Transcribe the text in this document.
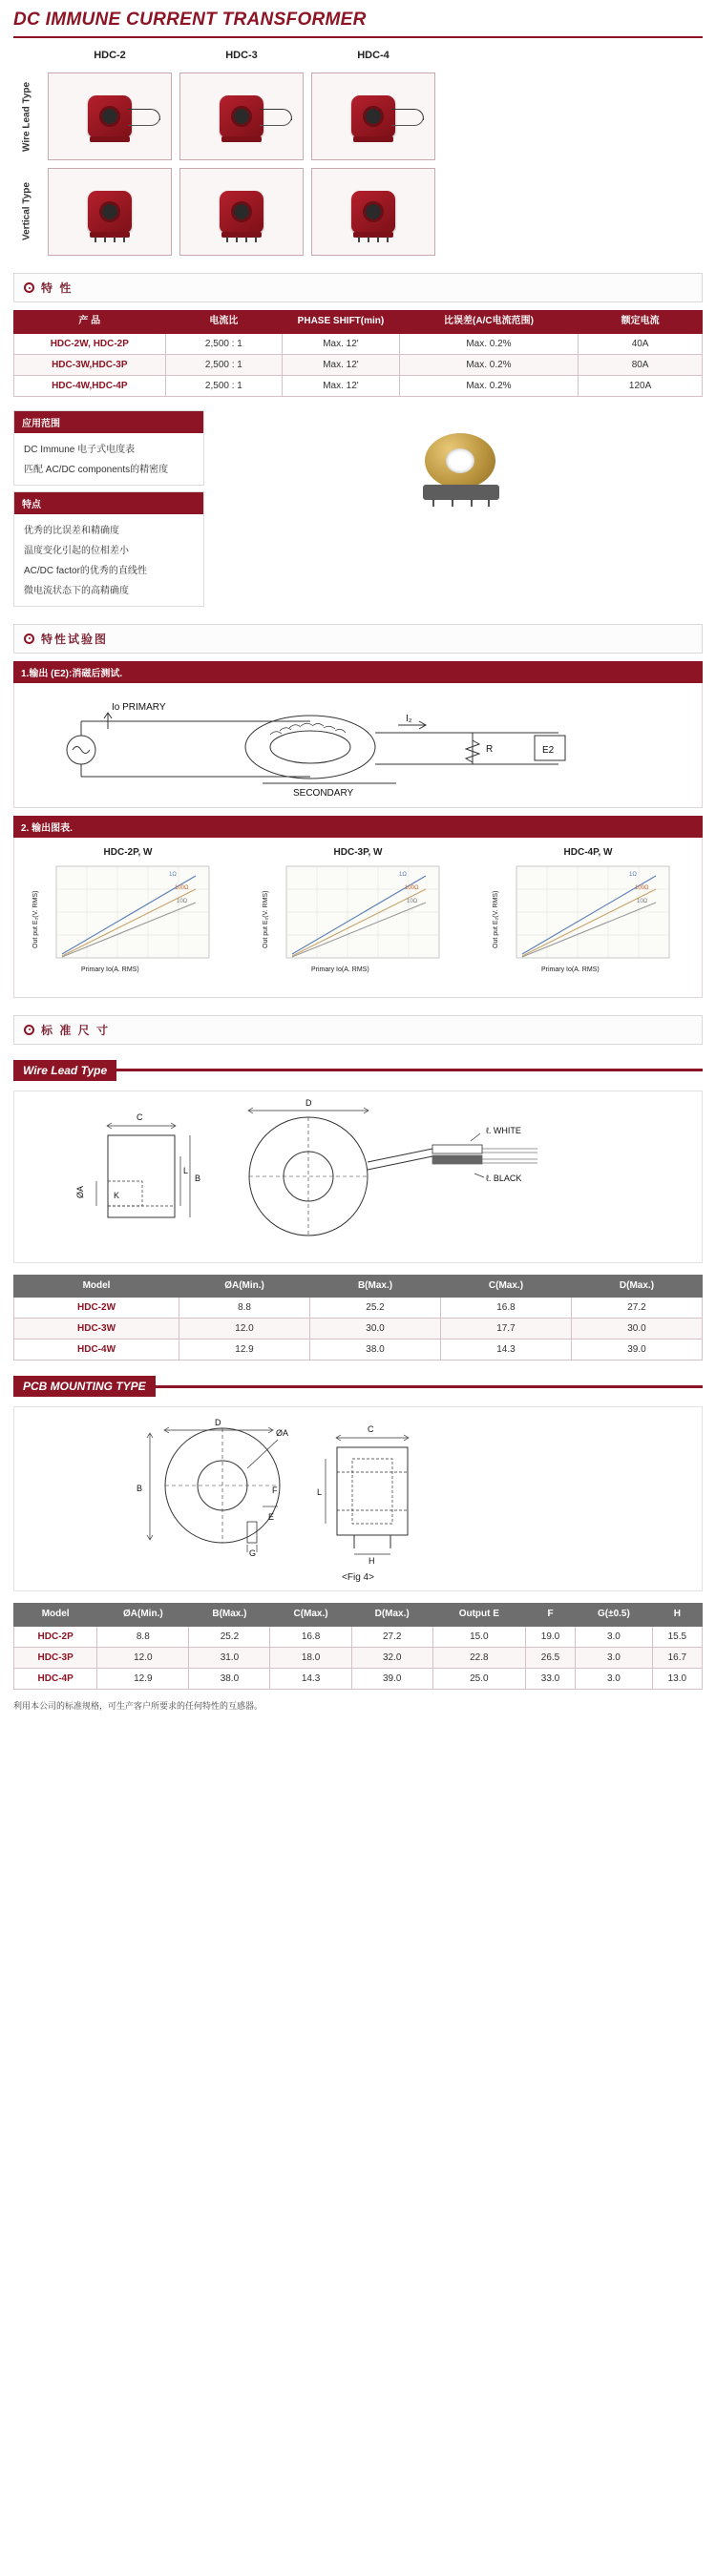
DC IMMUNE CURRENT TRANSFORMER
HDC-2	HDC-3	HDC-4
Wire Lead Type
Vertical Type
特 性
产 品	电流比	PHASE SHIFT(min)	比误差(A/C电流范围)	额定电流
HDC-2W, HDC-2P	2,500 : 1	Max. 12'	Max. 0.2%	40A
HDC-3W,HDC-3P	2,500 : 1	Max. 12'	Max. 0.2%	80A
HDC-4W,HDC-4P	2,500 : 1	Max. 12'	Max. 0.2%	120A
应用范围

DC Immune 电子式电度表

匹配 AC/DC components的精密度

特点

优秀的比误差和精确度

温度变化引起的位相差小

AC/DC factor的优秀的直线性

微电流状态下的高精确度

特性试验图
1.输出 (E2):消磁后测试.
Io PRIMARY
I₂
R	E2
SECONDARY
2. 输出图表.
HDC-2P, W
1Ω
100Ω
10Ω
Primary Io(A. RMS)
Out put E₂(V. RMS)
HDC-3P, W
1Ω
100Ω
10Ω
Primary Io(A. RMS)
Out put E₂(V. RMS)
HDC-4P, W
1Ω
100Ω
10Ω
Primary Io(A. RMS)
Out put E₂(V. RMS)
标 准 尺 寸
Wire Lead Type
C
ØA	K
B
L
D
ℓ. WHITE
ℓ. BLACK
Model	ØA(Min.)	B(Max.)	C(Max.)	D(Max.)
HDC-2W	8.8	25.2	16.8	27.2
HDC-3W	12.0	30.0	17.7	30.0
HDC-4W	12.9	38.0	14.3	39.0
PCB MOUNTING TYPE
D
ØA
B
E
F
G
C
L
H
<Fig 4>
Model	ØA(Min.)	B(Max.)	C(Max.)	D(Max.)	Output E	F	G(±0.5)	H
HDC-2P	8.8	25.2	16.8	27.2	15.0	19.0	3.0	15.5
HDC-3P	12.0	31.0	18.0	32.0	22.8	26.5	3.0	16.7
HDC-4P	12.9	38.0	14.3	39.0	25.0	33.0	3.0	13.0
利用本公司的标准规格，可生产客户所要求的任何特性的互感器。
